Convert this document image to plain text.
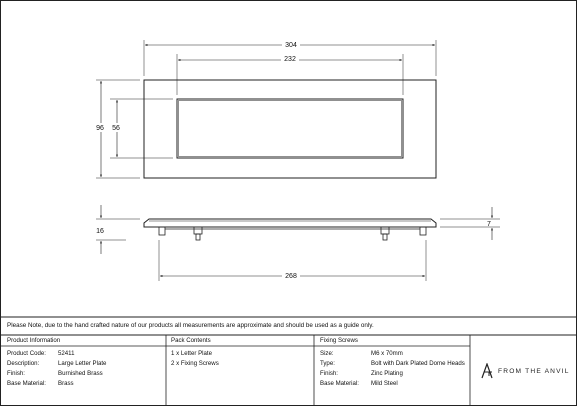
304
232
96 56
16
7
268
Please Note, due to the hand crafted nature of our products all measurements are approximate and should be used as a guide only.
Product Information
Product Code:
Description:
Finish:
Base Material:
52411
Large Letter Plate
Burnished Brass
Brass
Pack Contents
1 x Letter Plate
2 x Fixing Screws
Fixing Screws
Size:
Type:
Finish:
Base Material:
M6 x 70mm
Bolt with Dark Plated Dome Heads
Zinc Plating
Mild Steel
FROM THE ANVIL
